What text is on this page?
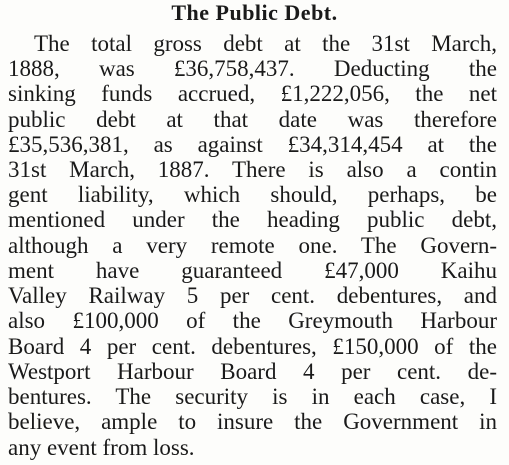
The Public Debt.
The total gross debt at the 31st March,
1888, was £36,758,437. Deducting the
sinking funds accrued, £1,222,056, the net
public debt at that date was therefore
£35,536,381, as against £34,314,454 at the
31st March, 1887. There is also a contin
gent liability, which should, perhaps, be
mentioned under the heading public debt,
although a very remote one. The Govern-
ment have guaranteed £47,000 Kaihu
Valley Railway 5 per cent. debentures, and
also £100,000 of the Greymouth Harbour
Board 4 per cent. debentures, £150,000 of the
Westport Harbour Board 4 per cent. de-
bentures. The security is in each case, I
believe, ample to insure the Government in
any event from loss.
